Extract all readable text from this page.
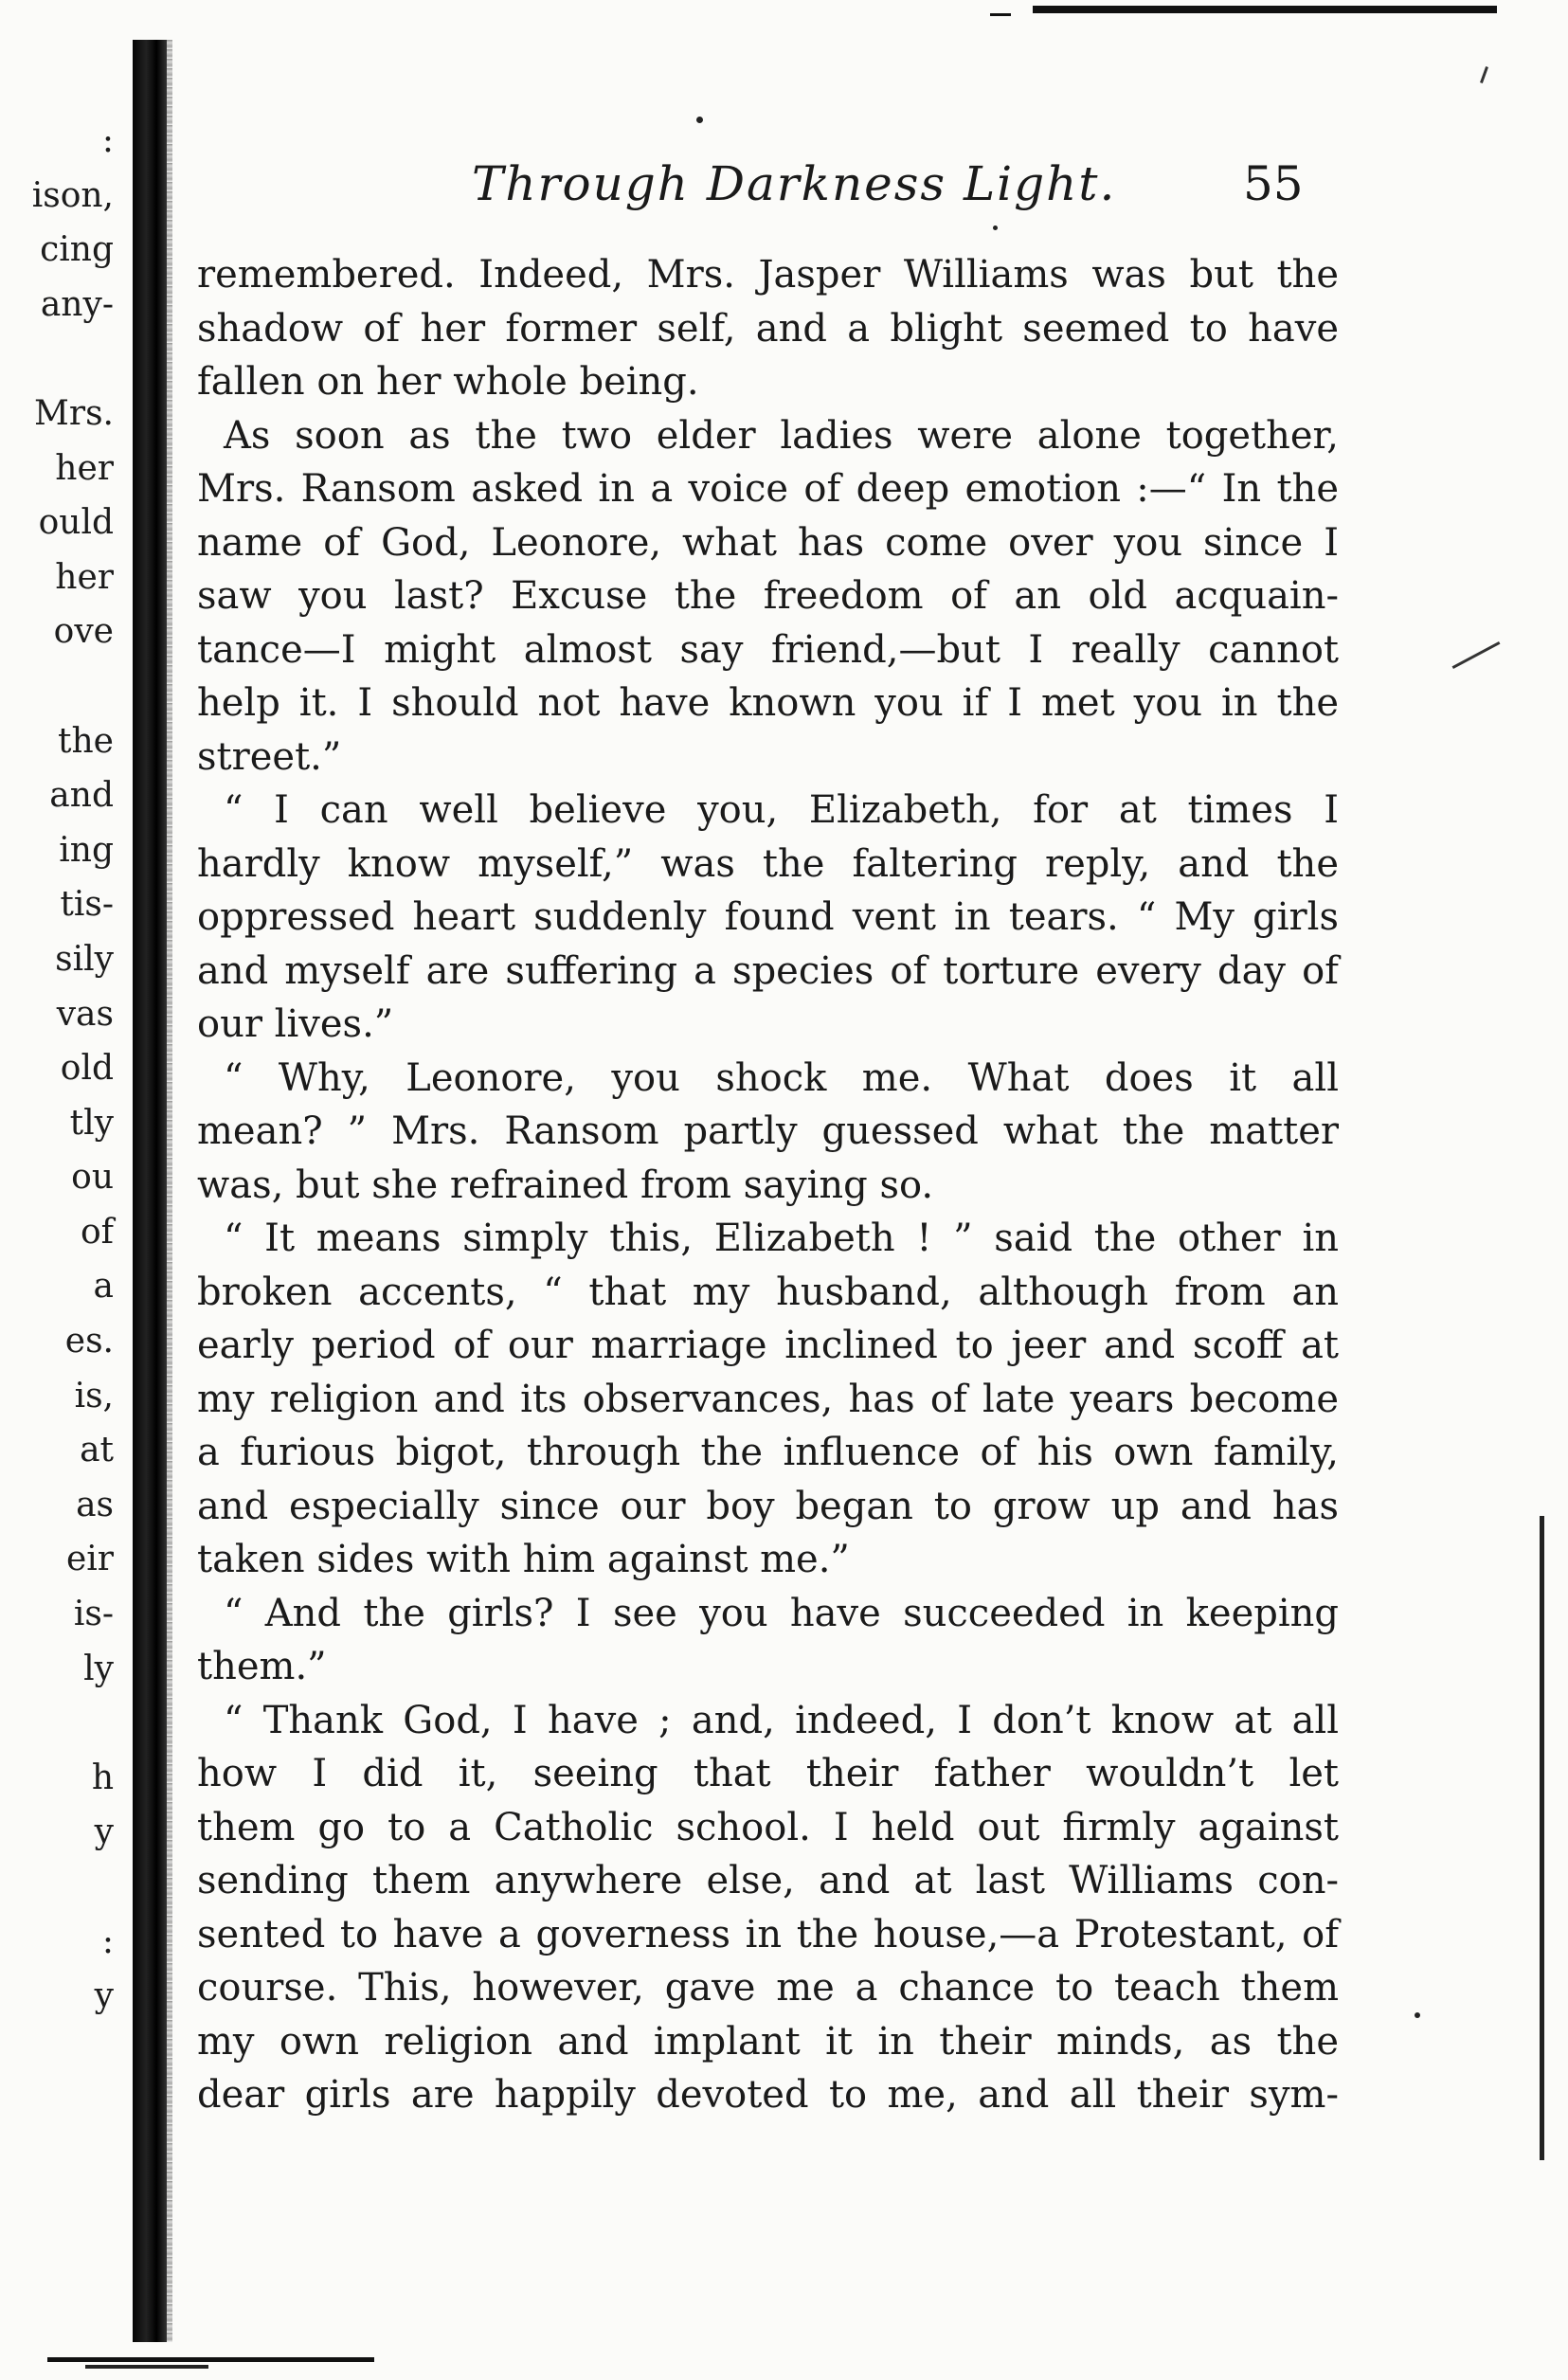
:
ison,
cing
any-
Mrs.
her
ould
her
ove
the
and
ing
tis-
sily
vas
old
tly
ou
of
a
es.
is,
at
as
eir
is-
ly
h
y
:
y
Through Darkness Light.	55
remembered. Indeed, Mrs. Jasper Williams was but the
shadow of her former self, and a blight seemed to have
fallen on her whole being.
As soon as the two elder ladies were alone together,
Mrs. Ransom asked in a voice of deep emotion :—“ In the
name of God, Leonore, what has come over you since I
saw you last? Excuse the freedom of an old acquain-
tance—I might almost say friend,—but I really cannot
help it. I should not have known you if I met you in the
street.”
“ I can well believe you, Elizabeth, for at times I
hardly know myself,” was the faltering reply, and the
oppressed heart suddenly found vent in tears. “ My girls
and myself are suffering a species of torture every day of
our lives.”
“ Why, Leonore, you shock me. What does it all
mean? ” Mrs. Ransom partly guessed what the matter
was, but she refrained from saying so.
“ It means simply this, Elizabeth ! ” said the other in
broken accents, “ that my husband, although from an
early period of our marriage inclined to jeer and scoff at
my religion and its observances, has of late years become
a furious bigot, through the influence of his own family,
and especially since our boy began to grow up and has
taken sides with him against me.”
“ And the girls? I see you have succeeded in keeping
them.”
“ Thank God, I have ; and, indeed, I don’t know at all
how I did it, seeing that their father wouldn’t let
them go to a Catholic school. I held out firmly against
sending them anywhere else, and at last Williams con-
sented to have a governess in the house,—a Protestant, of
course. This, however, gave me a chance to teach them
my own religion and implant it in their minds, as the
dear girls are happily devoted to me, and all their sym-
